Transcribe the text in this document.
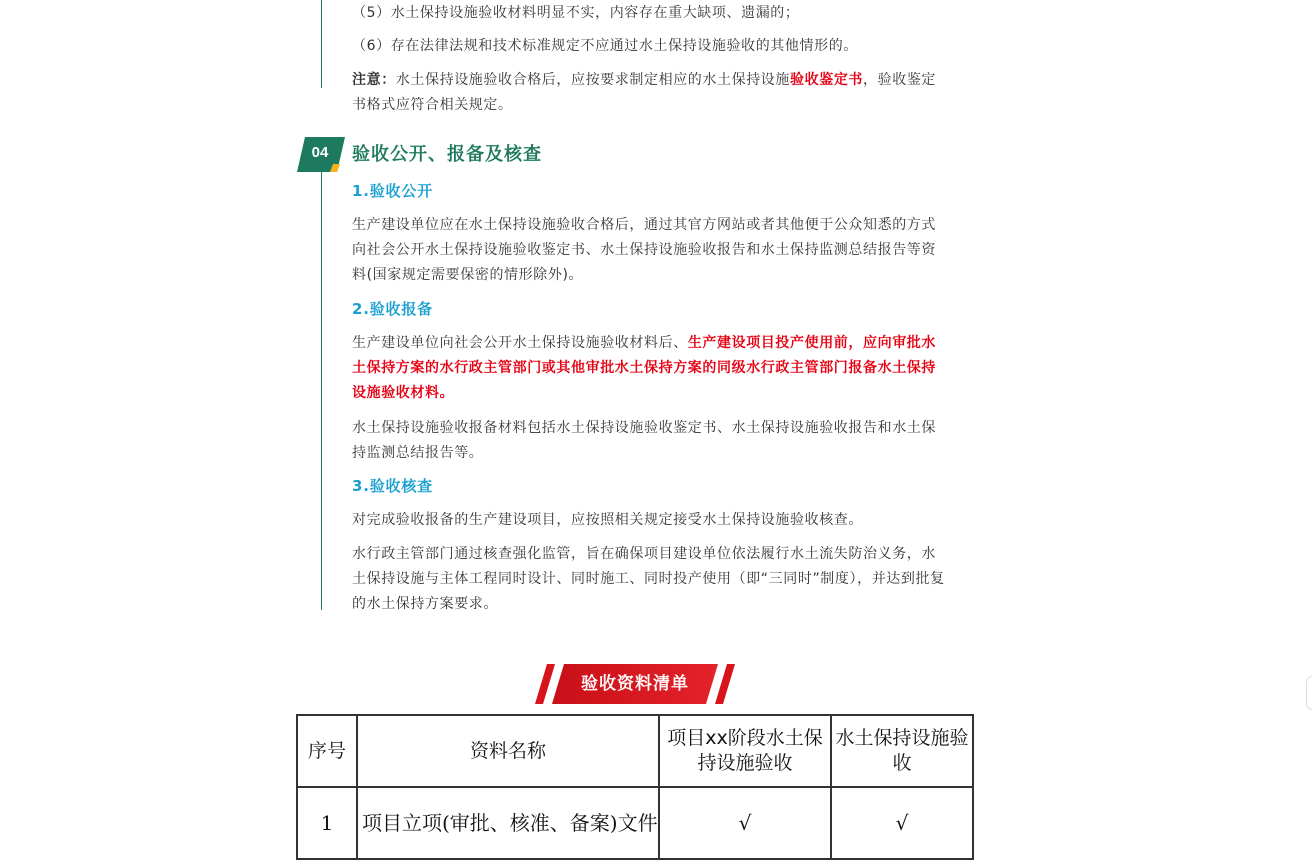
（5）水土保持设施验收材料明显不实，内容存在重大缺项、遗漏的；
（6）存在法律法规和技术标准规定不应通过水土保持设施验收的其他情形的。
注意：水土保持设施验收合格后，应按要求制定相应的水土保持设施验收鉴定书，验收鉴定书格式应符合相关规定。
04	验收公开、报备及核查
1.验收公开
生产建设单位应在水土保持设施验收合格后，通过其官方网站或者其他便于公众知悉的方式向社会公开水土保持设施验收鉴定书、水土保持设施验收报告和水土保持监测总结报告等资料(国家规定需要保密的情形除外)。
2.验收报备
生产建设单位向社会公开水土保持设施验收材料后、生产建设项目投产使用前，应向审批水土保持方案的水行政主管部门或其他审批水土保持方案的同级水行政主管部门报备水土保持设施验收材料。
水土保持设施验收报备材料包括水土保持设施验收鉴定书、水土保持设施验收报告和水土保持监测总结报告等。
3.验收核查
对完成验收报备的生产建设项目，应按照相关规定接受水土保持设施验收核查。
水行政主管部门通过核查强化监管，旨在确保项目建设单位依法履行水土流失防治义务，水土保持设施与主体工程同时设计、同时施工、同时投产使用（即“三同时”制度），并达到批复的水土保持方案要求。
验收资料清单
序号	资料名称	项目xx阶段水土保持设施验收	水土保持设施验收
1	项目立项(审批、核准、备案)文件	√	√
